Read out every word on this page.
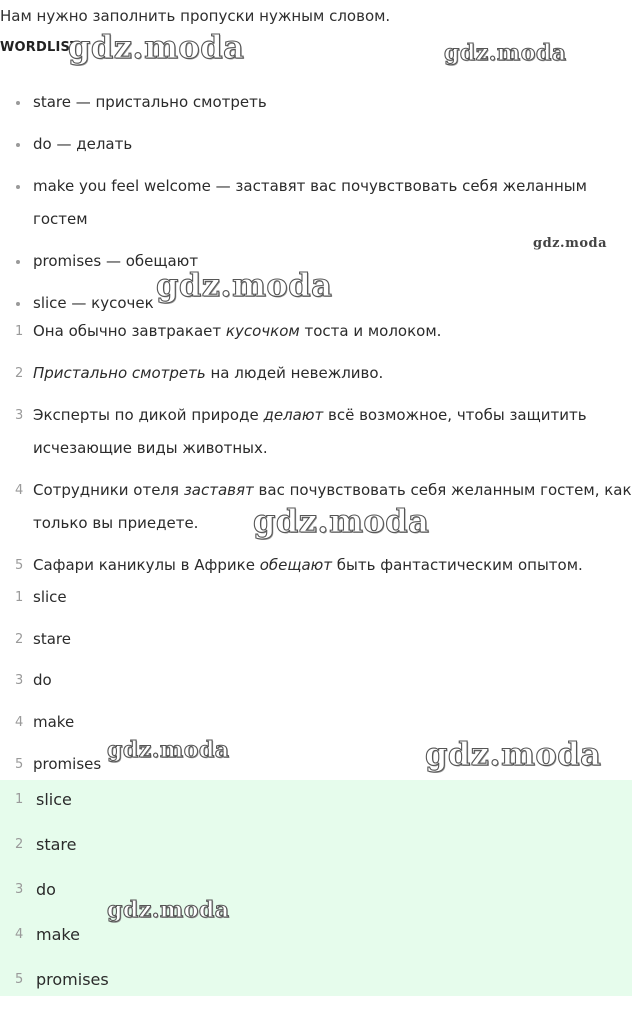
Нам нужно заполнить пропуски нужным словом.
WORDLIST
stare — пристально смотреть
do — делать
make you feel welcome — заставят вас почувствовать себя желанным гостем
promises — обещают
slice — кусочек
1 Она обычно завтракает кусочком тоста и молоком.
2 Пристально смотреть на людей невежливо.
3 Эксперты по дикой природе делают всё возможное, чтобы защитить исчезающие виды животных.
4 Сотрудники отеля заставят вас почувствовать себя желанным гостем, как только вы приедете.
5 Сафари каникулы в Африке обещают быть фантастическим опытом.
1 slice
2 stare
3 do
4 make
5 promises
1 slice
2 stare
3 do
4 make
5 promises
gdz.moda	gdz.moda
gdz.moda
gdz.moda
gdz.moda
gdz.moda	gdz.moda
gdz.moda
